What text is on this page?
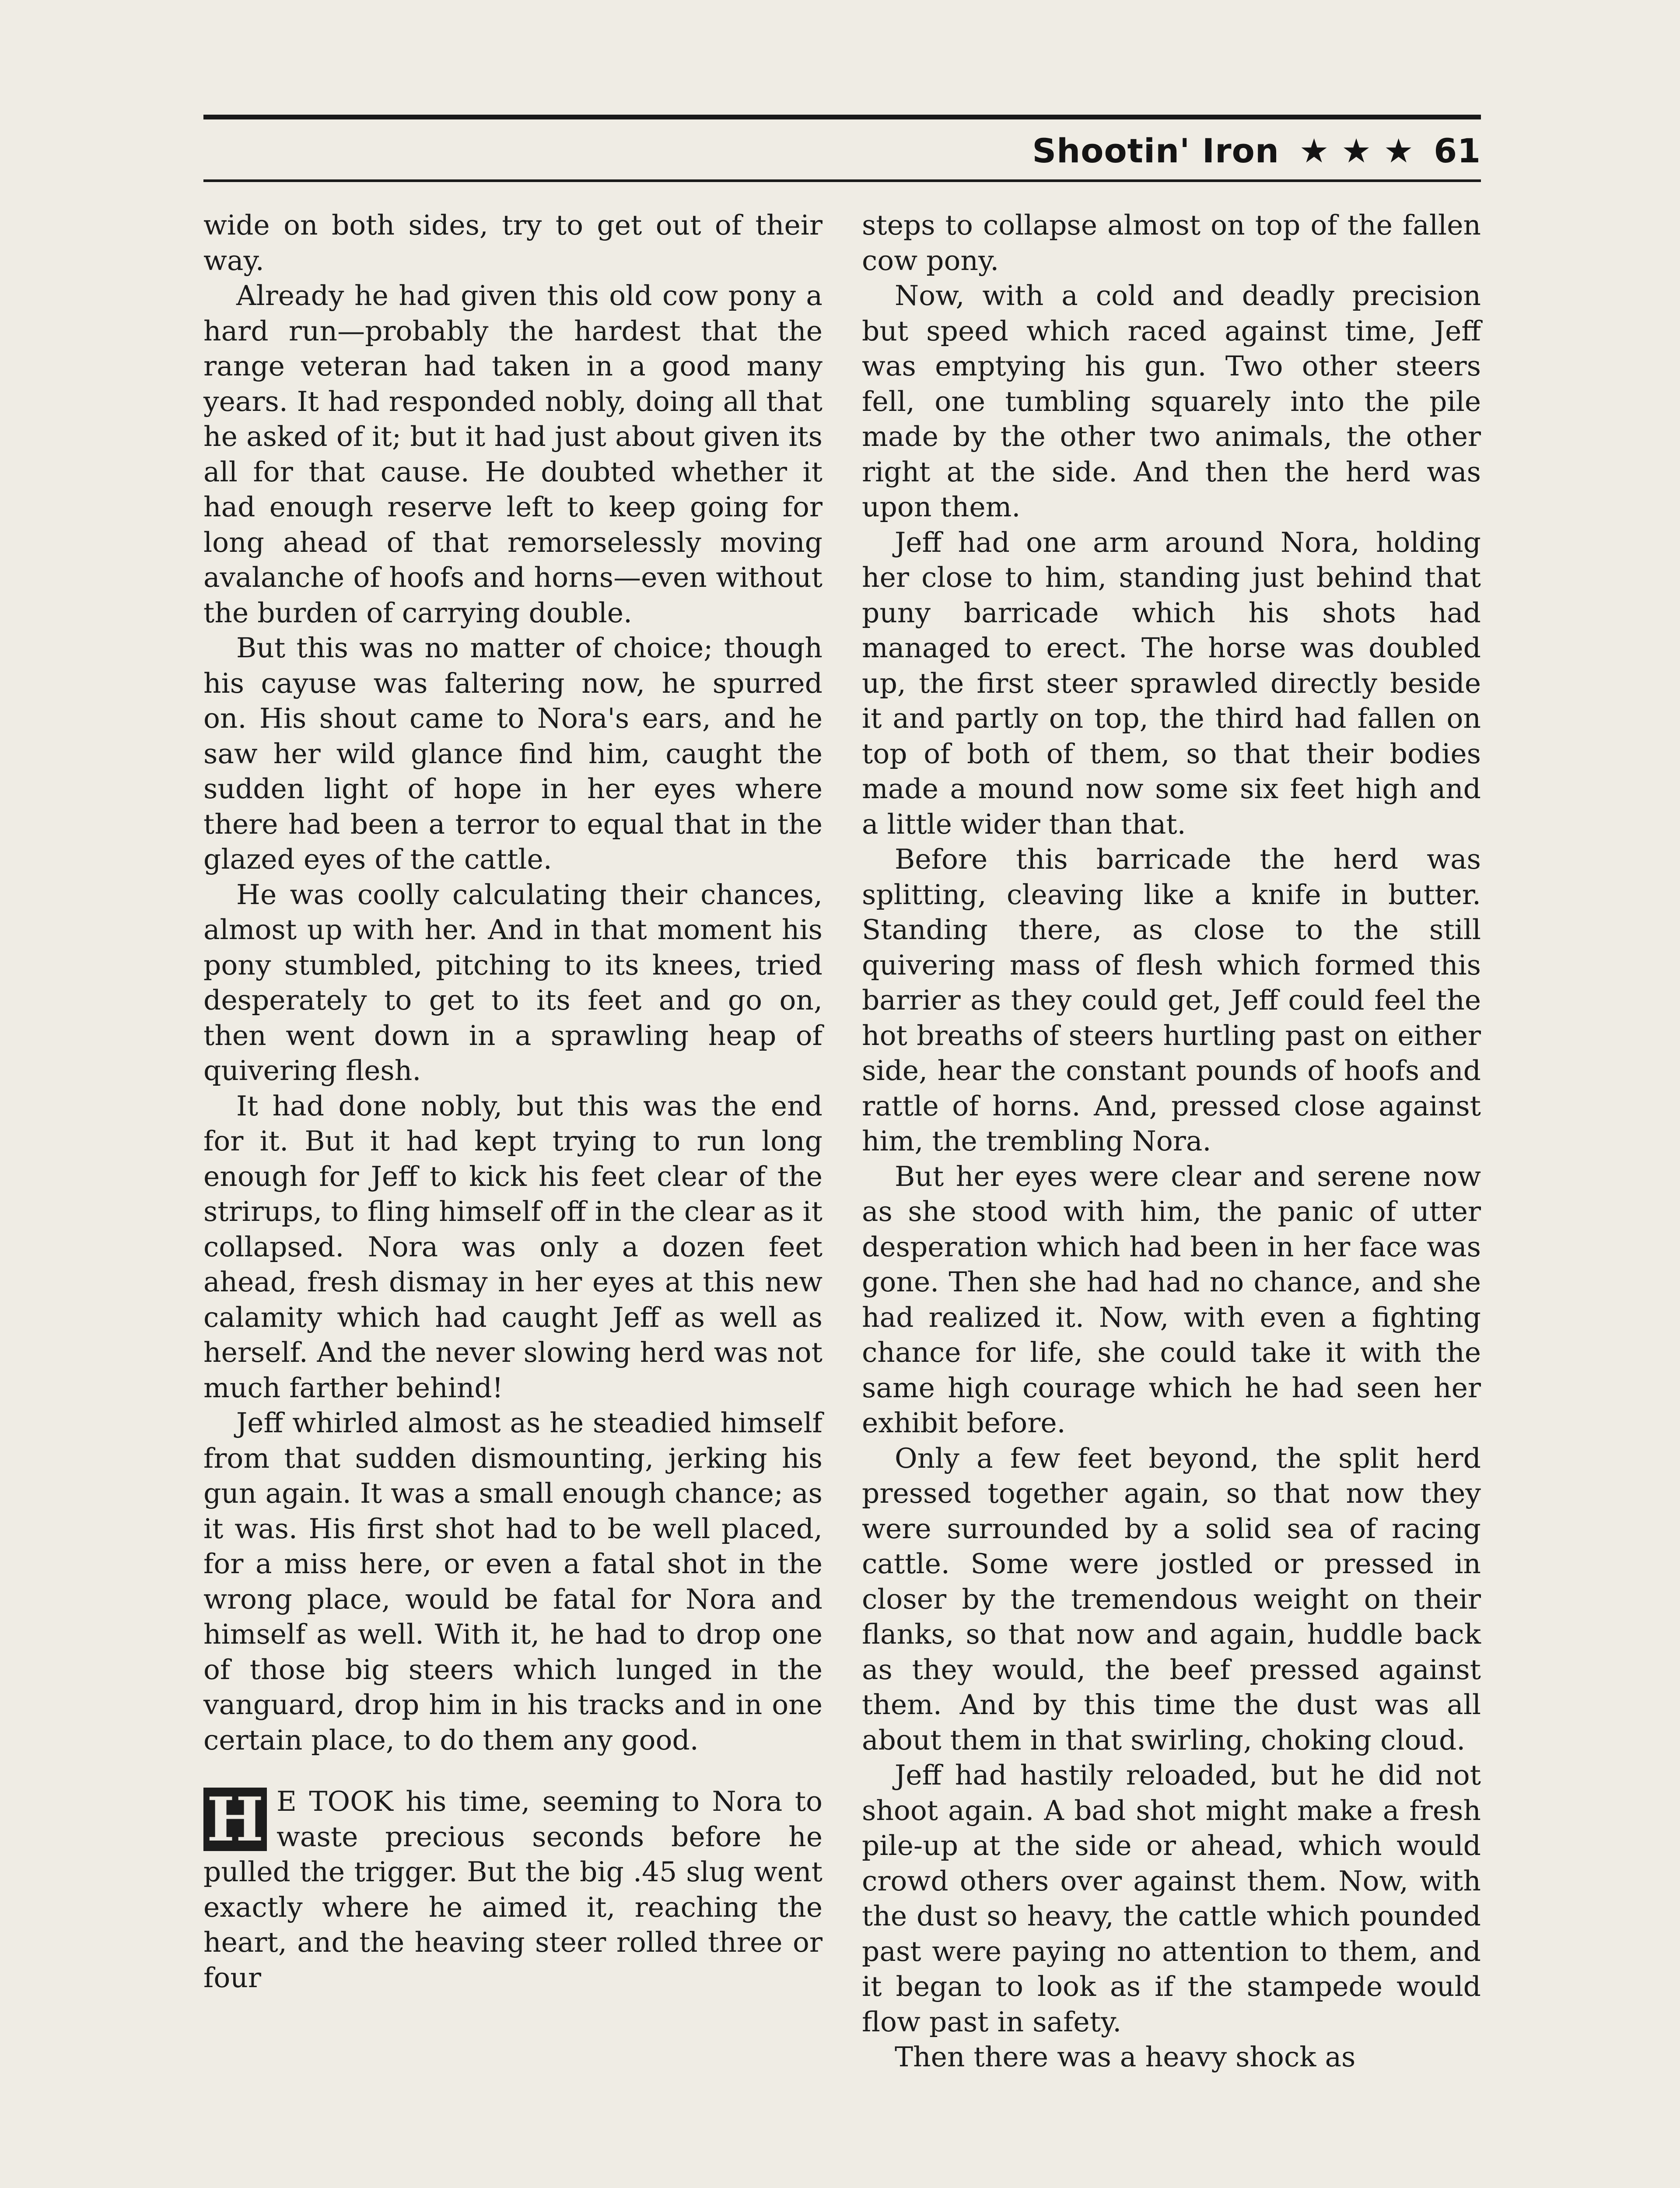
Shootin' Iron ★ ★ ★ 61

wide on both sides, try to get out of their way.

Already he had given this old cow pony a hard run—probably the hardest that the range veteran had taken in a good many years. It had responded nobly, doing all that he asked of it; but it had just about given its all for that cause. He doubted whether it had enough reserve left to keep going for long ahead of that remorselessly moving avalanche of hoofs and horns—even without the burden of carrying double.

But this was no matter of choice; though his cayuse was faltering now, he spurred on. His shout came to Nora's ears, and he saw her wild glance find him, caught the sudden light of hope in her eyes where there had been a terror to equal that in the glazed eyes of the cattle.

He was coolly calculating their chances, almost up with her. And in that moment his pony stumbled, pitching to its knees, tried desperately to get to its feet and go on, then went down in a sprawling heap of quivering flesh.

It had done nobly, but this was the end for it. But it had kept trying to run long enough for Jeff to kick his feet clear of the strirups, to fling himself off in the clear as it collapsed. Nora was only a dozen feet ahead, fresh dismay in her eyes at this new calamity which had caught Jeff as well as herself. And the never slowing herd was not much farther behind!

Jeff whirled almost as he steadied himself from that sudden dismounting, jerking his gun again. It was a small enough chance; as it was. His first shot had to be well placed, for a miss here, or even a fatal shot in the wrong place, would be fatal for Nora and himself as well. With it, he had to drop one of those big steers which lunged in the vanguard, drop him in his tracks and in one certain place, to do them any good.

H E TOOK his time, seeming to Nora to waste precious seconds before he pulled the trigger. But the big .45 slug went exactly where he aimed it, reaching the heart, and the heaving steer rolled three or four

steps to collapse almost on top of the fallen cow pony.

Now, with a cold and deadly precision but speed which raced against time, Jeff was emptying his gun. Two other steers fell, one tumbling squarely into the pile made by the other two animals, the other right at the side. And then the herd was upon them.

Jeff had one arm around Nora, holding her close to him, standing just behind that puny barricade which his shots had managed to erect. The horse was doubled up, the first steer sprawled directly beside it and partly on top, the third had fallen on top of both of them, so that their bodies made a mound now some six feet high and a little wider than that.

Before this barricade the herd was splitting, cleaving like a knife in butter. Standing there, as close to the still quivering mass of flesh which formed this barrier as they could get, Jeff could feel the hot breaths of steers hurtling past on either side, hear the constant pounds of hoofs and rattle of horns. And, pressed close against him, the trembling Nora.

But her eyes were clear and serene now as she stood with him, the panic of utter desperation which had been in her face was gone. Then she had had no chance, and she had realized it. Now, with even a fighting chance for life, she could take it with the same high courage which he had seen her exhibit before.

Only a few feet beyond, the split herd pressed together again, so that now they were surrounded by a solid sea of racing cattle. Some were jostled or pressed in closer by the tremendous weight on their flanks, so that now and again, huddle back as they would, the beef pressed against them. And by this time the dust was all about them in that swirling, choking cloud.

Jeff had hastily reloaded, but he did not shoot again. A bad shot might make a fresh pile-up at the side or ahead, which would crowd others over against them. Now, with the dust so heavy, the cattle which pounded past were paying no attention to them, and it began to look as if the stampede would flow past in safety.

Then there was a heavy shock as
